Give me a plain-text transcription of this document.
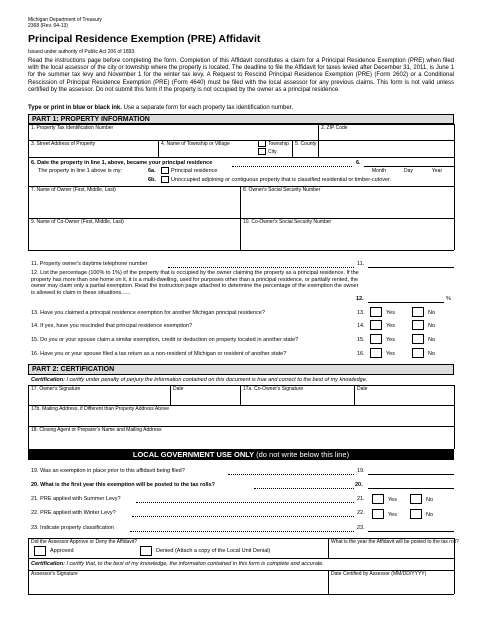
Michigan Department of Treasury
2368 (Rev. 04-13)
Principal Residence Exemption (PRE) Affidavit
Issued under authority of Public Act 206 of 1893.
Read the instructions page before completing the form. Completion of this Affidavit constitutes a claim for a Principal Residence Exemption (PRE) when filed with the local assessor of the city or township where the property is located. The deadline to file the Affidavit for taxes levied after December 31, 2011, is June 1 for the summer tax levy and November 1 for the winter tax levy. A Request to Rescind Principal Residence Exemption (PRE) (Form 2602) or a Conditional Rescission of Principal Residence Exemption (PRE) (Form 4640) must be filed with the local assessor for any previous claims. This form is not valid unless certified by the assessor. Do not submit this form if the property is not occupied by the owner as a principal residence.
Type or print in blue or black ink. Use a separate form for each property tax identification number.
PART 1: PROPERTY INFORMATION
1. Property Tax Identification Number	2. ZIP Code
3. Street Address of Property	4. Name of Township or Village	Township
City
5. County
6. Date the property in line 1, above, became your principal residence	6.
Month	Day	Year
The property in line 1 above is my:	6a.	Principal residence
6b.	Unoccupied adjoining or contiguous property that is classified residential or timber-cutover.
7. Name of Owner (First, Middle, Last)	8. Owner's Social Security Number
9. Name of Co-Owner (First, Middle, Last)	10. Co-Owner's Social Security Number
11. Property owner's daytime telephone number	11.
12. List the percentage (100% to 1%) of the property that is occupied by the owner claiming the property as a principal residence. If the property has more than one home on it, it is a multi-dwelling, used for purposes other than a principal residence, or partially rented, the owner may claim only a partial exemption. Read the instruction page attached to determine the percentage of the exemption the owner is allowed to claim in these situations......
12.	%
13. Have you claimed a principal residence exemption for another Michigan principal residence?	13.	Yes	No
14. If yes, have you rescinded that principal residence exemption?	14.	Yes	No
15. Do you or your spouse claim a similar exemption, credit or deduction on property located in another state?	15.	Yes	No
16. Have you or your spouse filed a tax return as a non-resident of Michigan or resident of another state?	16.	Yes	No
PART 2: CERTIFICATION
Certification: I certify under penalty of perjury the information contained on this document is true and correct to the best of my knowledge.
17. Owner's Signature	Date	17a. Co-Owner's Signature	Date
17b. Mailing Address, if Different than Property Address Above
18. Closing Agent or Preparer's Name and Mailing Address
LOCAL GOVERNMENT USE ONLY (do not write below this line)
19. Was an exemption in place prior to this affidavit being filed?	19.
20. What is the first year this exemption will be posted to the tax rolls?	20.
21. PRE applied with Summer Levy?	21.	Yes	No
22. PRE applied with Winter Levy?	22.	Yes	No
23. Indicate property classification	23.
Did the Assessor Approve or Deny the Affidavit?	What is the year the Affidavit will be posted to the tax roll?
Approved	Denied (Attach a copy of the Local Unit Denial)
Certification: I certify that, to the best of my knowledge, the information contained in this form is complete and accurate.
Assessor's Signature	Date Certified by Assessor (MM/DD/YYYY)
